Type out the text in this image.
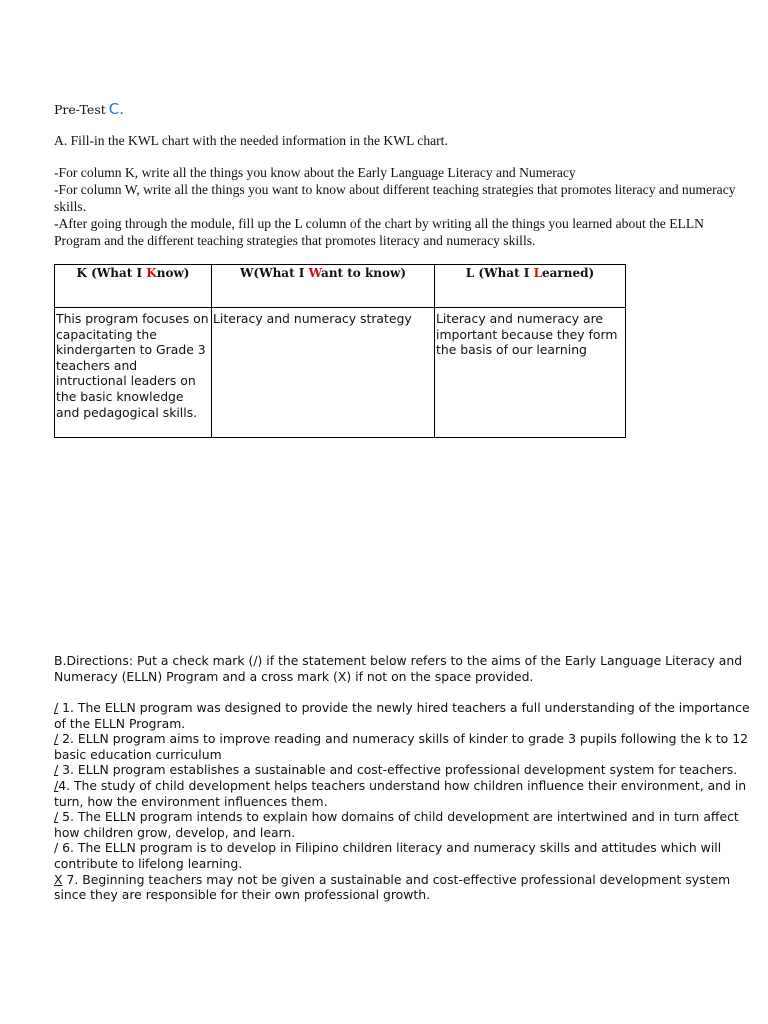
Pre-Test C.

A. Fill-in the KWL chart with the needed information in the KWL chart.

-For column K, write all the things you know about the Early Language Literacy and Numeracy

-For column W, write all the things you want to know about different teaching strategies that promotes literacy and numeracy skills.

-After going through the module, fill up the L column of the chart by writing all the things you learned about the ELLN Program and the different teaching strategies that promotes literacy and numeracy skills.

K (What I Know)	W(What I Want to know)	L (What I Learned)
This program focuses on capacitating the kindergarten to Grade 3 teachers and intructional leaders on the basic knowledge and pedagogical skills.	Literacy and numeracy strategy	Literacy and numeracy are important because they form the basis of our learning

B.Directions: Put a check mark (/) if the statement below refers to the aims of the Early Language Literacy and Numeracy (ELLN) Program and a cross mark (X) if not on the space provided.

/ 1. The ELLN program was designed to provide the newly hired teachers a full understanding of the importance of the ELLN Program.

/ 2. ELLN program aims to improve reading and numeracy skills of kinder to grade 3 pupils following the k to 12 basic education curriculum

/ 3. ELLN program establishes a sustainable and cost-effective professional development system for teachers.

/4. The study of child development helps teachers understand how children influence their environment, and in turn, how the environment influences them.

/ 5. The ELLN program intends to explain how domains of child development are intertwined and in turn affect how children grow, develop, and learn.

/ 6. The ELLN program is to develop in Filipino children literacy and numeracy skills and attitudes which will contribute to lifelong learning.

X 7. Beginning teachers may not be given a sustainable and cost-effective professional development system since they are responsible for their own professional growth.
